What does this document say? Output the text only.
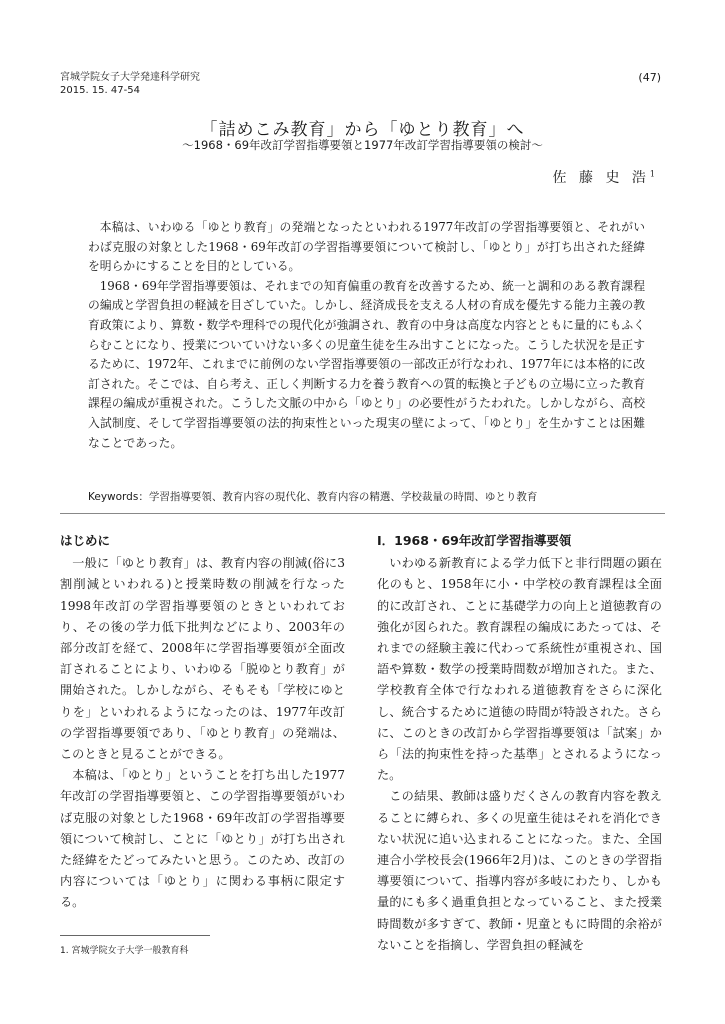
宮城学院女子大学発達科学研究
2015. 15. 47-54
(47)
「詰めこみ教育」から「ゆとり教育」へ
～1968・69年改訂学習指導要領と1977年改訂学習指導要領の検討～
佐 藤 史 浩$^1$

本稿は、いわゆる「ゆとり教育」の発端となったといわれる1977年改訂の学習指導要領と、それがいわば克服の対象とした1968・69年改訂の学習指導要領について検討し、「ゆとり」が打ち出された経緯を明らかにすることを目的としている。

1968・69年学習指導要領は、それまでの知育偏重の教育を改善するため、統一と調和のある教育課程の編成と学習負担の軽減を目ざしていた。しかし、経済成長を支える人材の育成を優先する能力主義の教育政策により、算数・数学や理科での現代化が強調され、教育の中身は高度な内容とともに量的にもふくらむことになり、授業についていけない多くの児童生徒を生み出すことになった。こうした状況を是正するために、1972年、これまでに前例のない学習指導要領の一部改正が行なわれ、1977年には本格的に改訂された。そこでは、自ら考え、正しく判断する力を養う教育への質的転換と子どもの立場に立った教育課程の編成が重視された。こうした文脈の中から「ゆとり」の必要性がうたわれた。しかしながら、高校入試制度、そして学習指導要領の法的拘束性といった現実の壁によって、「ゆとり」を生かすことは困難なことであった。

Keywords：学習指導要領、教育内容の現代化、教育内容の精選、学校裁量の時間、ゆとり教育
はじめに

一般に「ゆとり教育」は、教育内容の削減(俗に3割削減といわれる)と授業時数の削減を行なった1998年改訂の学習指導要領のときといわれており、その後の学力低下批判などにより、2003年の部分改訂を経て、2008年に学習指導要領が全面改訂されることにより、いわゆる「脱ゆとり教育」が開始された。しかしながら、そもそも「学校にゆとりを」といわれるようになったのは、1977年改訂の学習指導要領であり、「ゆとり教育」の発端は、このときと見ることができる。

本稿は、「ゆとり」ということを打ち出した1977年改訂の学習指導要領と、この学習指導要領がいわば克服の対象とした1968・69年改訂の学習指導要領について検討し、ことに「ゆとり」が打ち出された経緯をたどってみたいと思う。このため、改訂の内容については「ゆとり」に関わる事柄に限定する。

Ⅰ．1968・69年改訂学習指導要領

いわゆる新教育による学力低下と非行問題の顕在化のもと、1958年に小・中学校の教育課程は全面的に改訂され、ことに基礎学力の向上と道徳教育の強化が図られた。教育課程の編成にあたっては、それまでの経験主義に代わって系統性が重視され、国語や算数・数学の授業時間数が増加された。また、学校教育全体で行なわれる道徳教育をさらに深化し、統合するために道徳の時間が特設された。さらに、このときの改訂から学習指導要領は「試案」から「法的拘束性を持った基準」とされるようになった。

この結果、教師は盛りだくさんの教育内容を教えることに縛られ、多くの児童生徒はそれを消化できない状況に追い込まれることになった。また、全国連合小学校長会(1966年2月)は、このときの学習指導要領について、指導内容が多岐にわたり、しかも量的にも多く過重負担となっていること、また授業時間数が多すぎて、教師・児童ともに時間的余裕がないことを指摘し、学習負担の軽減を

1. 宮城学院女子大学一般教育科
